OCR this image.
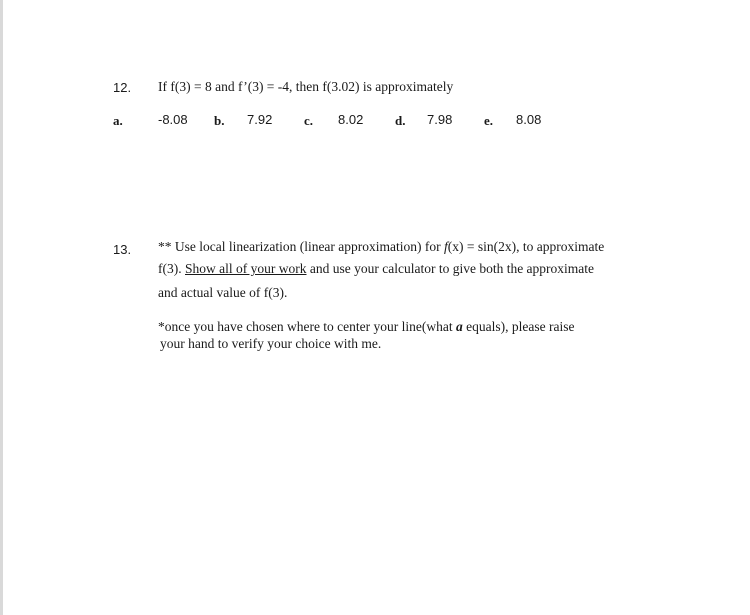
12. If f(3) = 8 and f’(3) = -4, then f(3.02) is approximately
a.	-8.08 b. 7.92 c. 8.02 d. 7.98 e. 8.08
13. ** Use local linearization (linear approximation) for f(x) = sin(2x), to approximate
f(3). Show all of your work and use your calculator to give both the approximate
and actual value of f(3).
*once you have chosen where to center your line(what a equals), please raise
your hand to verify your choice with me.
